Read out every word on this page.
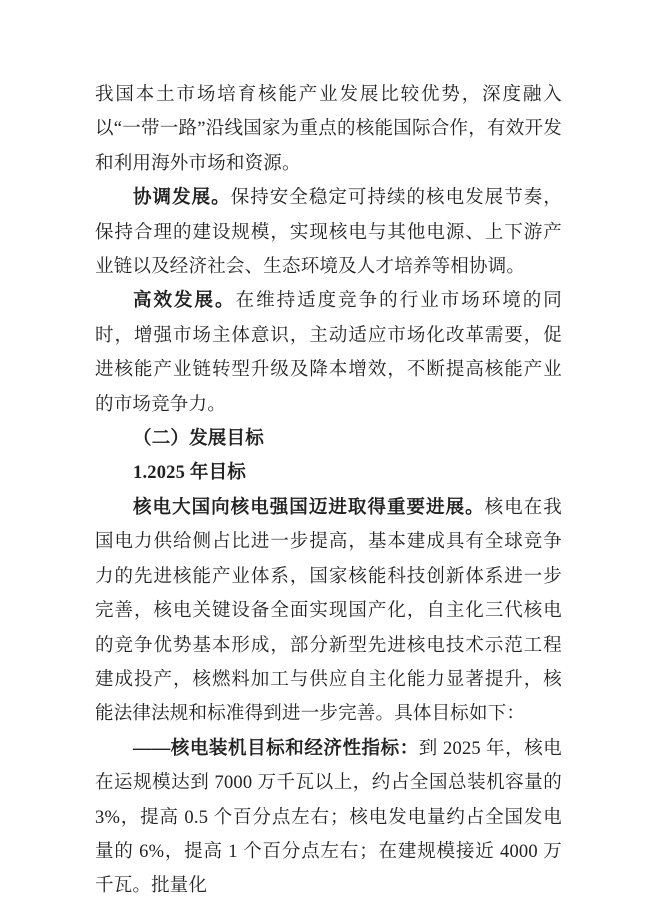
我国本土市场培育核能产业发展比较优势，深度融入以“一带一路”沿线国家为重点的核能国际合作，有效开发和利用海外市场和资源。

协调发展。保持安全稳定可持续的核电发展节奏，保持合理的建设规模，实现核电与其他电源、上下游产业链以及经济社会、生态环境及人才培养等相协调。

高效发展。在维持适度竞争的行业市场环境的同时，增强市场主体意识，主动适应市场化改革需要，促进核能产业链转型升级及降本增效，不断提高核能产业的市场竞争力。

（二）发展目标

1.2025 年目标

核电大国向核电强国迈进取得重要进展。核电在我国电力供给侧占比进一步提高，基本建成具有全球竞争力的先进核能产业体系，国家核能科技创新体系进一步完善，核电关键设备全面实现国产化，自主化三代核电的竞争优势基本形成，部分新型先进核电技术示范工程建成投产，核燃料加工与供应自主化能力显著提升，核能法律法规和标准得到进一步完善。具体目标如下：

——核电装机目标和经济性指标：到 2025 年，核电在运规模达到 7000 万千瓦以上，约占全国总装机容量的 3%，提高 0.5 个百分点左右；核电发电量约占全国发电量的 6%，提高 1 个百分点左右；在建规模接近 4000 万千瓦。批量化
